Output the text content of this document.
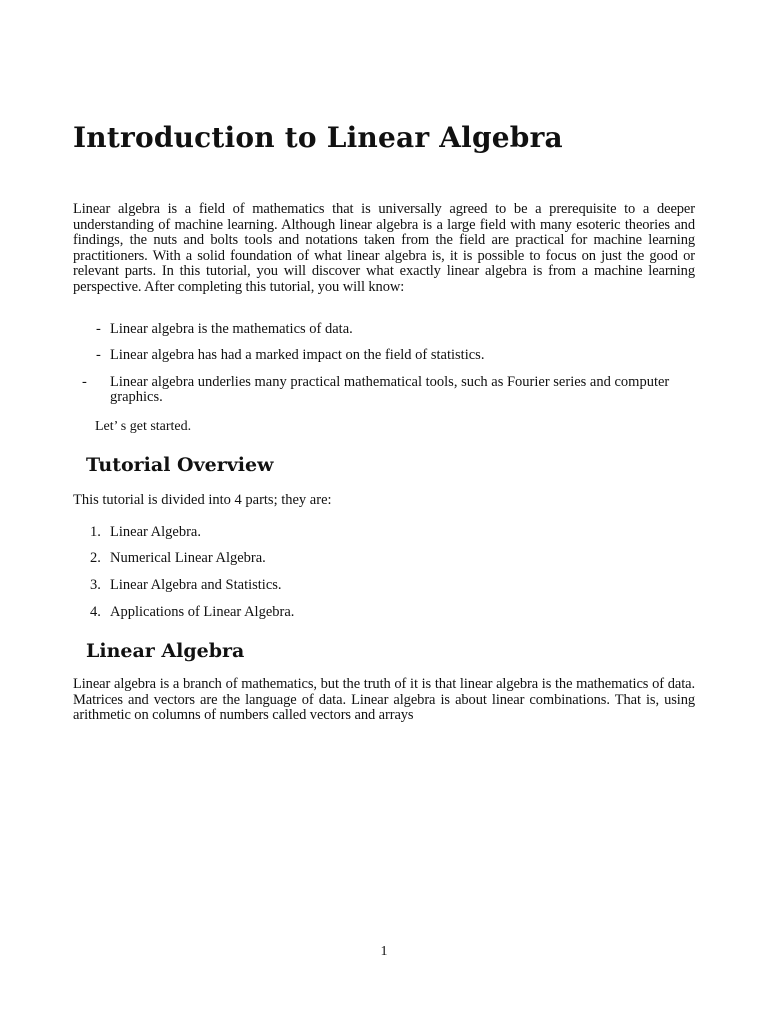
Introduction to Linear Algebra

Linear algebra is a field of mathematics that is universally agreed to be a prerequisite to a deeper understanding of machine learning. Although linear algebra is a large field with many esoteric theories and findings, the nuts and bolts tools and notations taken from the field are practical for machine learning practitioners. With a solid foundation of what linear algebra is, it is possible to focus on just the good or relevant parts. In this tutorial, you will discover what exactly linear algebra is from a machine learning perspective. After completing this tutorial, you will know:

- Linear algebra is the mathematics of data.
- Linear algebra has had a marked impact on the field of statistics.
- Linear algebra underlies many practical mathematical tools, such as Fourier series and computer graphics.

Let’ s get started.

Tutorial Overview

This tutorial is divided into 4 parts; they are:

1. Linear Algebra.
2. Numerical Linear Algebra.
3. Linear Algebra and Statistics.
4. Applications of Linear Algebra.
Linear Algebra

Linear algebra is a branch of mathematics, but the truth of it is that linear algebra is the mathematics of data. Matrices and vectors are the language of data. Linear algebra is about linear combinations. That is, using arithmetic on columns of numbers called vectors and arrays

1
